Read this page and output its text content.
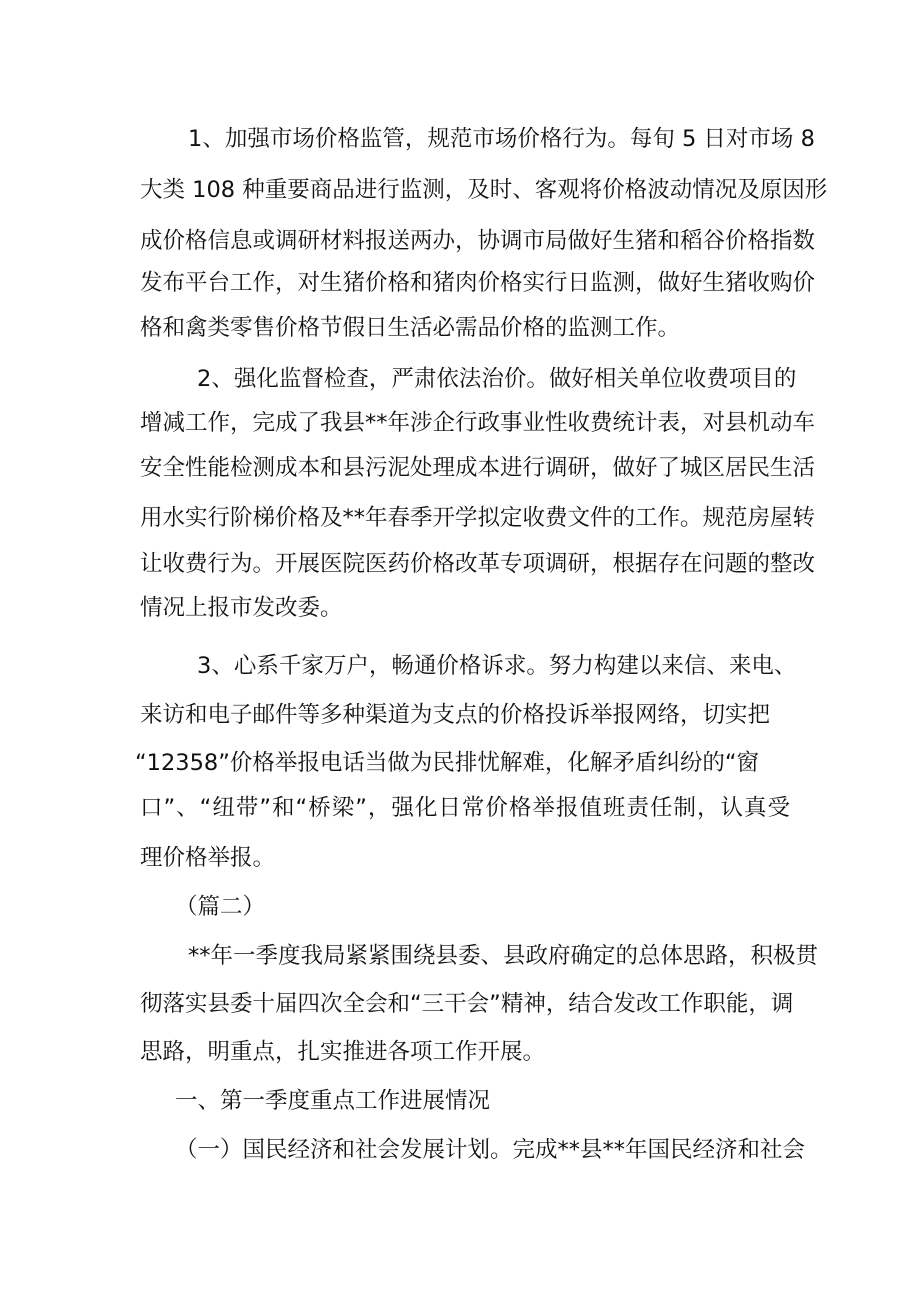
1、加强市场价格监管，规范市场价格行为。每旬 5 日对市场 8
大类 108 种重要商品进行监测，及时、客观将价格波动情况及原因形
成价格信息或调研材料报送两办，协调市局做好生猪和稻谷价格指数
发布平台工作，对生猪价格和猪肉价格实行日监测，做好生猪收购价
格和禽类零售价格节假日生活必需品价格的监测工作。
2、强化监督检查，严肃依法治价。做好相关单位收费项目的
增减工作，完成了我县**年涉企行政事业性收费统计表，对县机动车
安全性能检测成本和县污泥处理成本进行调研，做好了城区居民生活
用水实行阶梯价格及**年春季开学拟定收费文件的工作。规范房屋转
让收费行为。开展医院医药价格改革专项调研，根据存在问题的整改
情况上报市发改委。
3、心系千家万户，畅通价格诉求。努力构建以来信、来电、
来访和电子邮件等多种渠道为支点的价格投诉举报网络，切实把
“12358”价格举报电话当做为民排忧解难，化解矛盾纠纷的“窗
口”、“纽带”和“桥梁”，强化日常价格举报值班责任制，认真受
理价格举报。
（篇二）
**年一季度我局紧紧围绕县委、县政府确定的总体思路，积极贯
彻落实县委十届四次全会和“三干会”精神，结合发改工作职能，调
思路，明重点，扎实推进各项工作开展。
一、第一季度重点工作进展情况
（一）国民经济和社会发展计划。完成**县**年国民经济和社会
